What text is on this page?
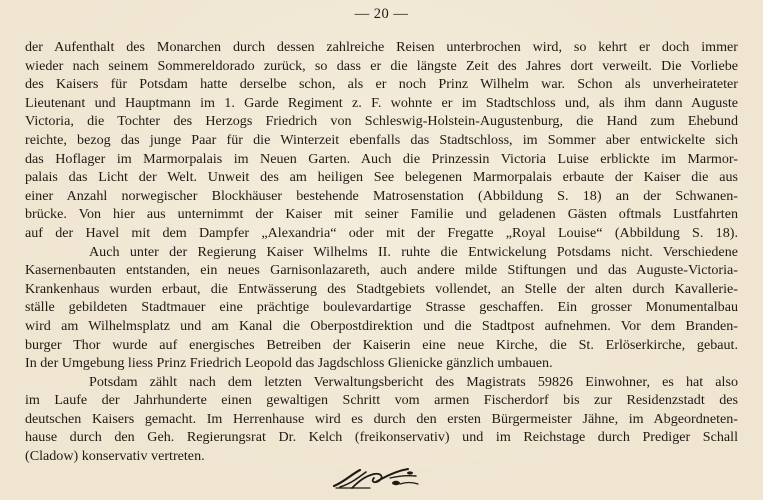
— 20 —
der Aufenthalt des Monarchen durch dessen zahlreiche Reisen unterbrochen wird, so kehrt er doch immer
wieder nach seinem Sommereldorado zurück, so dass er die längste Zeit des Jahres dort verweilt. Die Vorliebe
des Kaisers für Potsdam hatte derselbe schon, als er noch Prinz Wilhelm war. Schon als unverheirateter
Lieutenant und Hauptmann im 1. Garde Regiment z. F. wohnte er im Stadtschloss und, als ihm dann Auguste
Victoria, die Tochter des Herzogs Friedrich von Schleswig-Holstein-Augustenburg, die Hand zum Ehebund
reichte, bezog das junge Paar für die Winterzeit ebenfalls das Stadtschloss, im Sommer aber entwickelte sich
das Hoflager im Marmorpalais im Neuen Garten. Auch die Prinzessin Victoria Luise erblickte im Marmor-
palais das Licht der Welt. Unweit des am heiligen See belegenen Marmorpalais erbaute der Kaiser die aus
einer Anzahl norwegischer Blockhäuser bestehende Matrosenstation (Abbildung S. 18) an der Schwanen-
brücke. Von hier aus unternimmt der Kaiser mit seiner Familie und geladenen Gästen oftmals Lustfahrten
auf der Havel mit dem Dampfer „Alexandria“ oder mit der Fregatte „Royal Louise“ (Abbildung S. 18).
Auch unter der Regierung Kaiser Wilhelms II. ruhte die Entwickelung Potsdams nicht. Verschiedene
Kasernenbauten entstanden, ein neues Garnisonlazareth, auch andere milde Stiftungen und das Auguste-Victoria-
Krankenhaus wurden erbaut, die Entwässerung des Stadtgebiets vollendet, an Stelle der alten durch Kavallerie-
ställe gebildeten Stadtmauer eine prächtige boulevardartige Strasse geschaffen. Ein grosser Monumentalbau
wird am Wilhelmsplatz und am Kanal die Oberpostdirektion und die Stadtpost aufnehmen. Vor dem Branden-
burger Thor wurde auf energisches Betreiben der Kaiserin eine neue Kirche, die St. Erlöserkirche, gebaut.
In der Umgebung liess Prinz Friedrich Leopold das Jagdschloss Glienicke gänzlich umbauen.
Potsdam zählt nach dem letzten Verwaltungsbericht des Magistrats 59826 Einwohner, es hat also
im Laufe der Jahrhunderte einen gewaltigen Schritt vom armen Fischerdorf bis zur Residenzstadt des
deutschen Kaisers gemacht. Im Herrenhause wird es durch den ersten Bürgermeister Jähne, im Abgeordneten-
hause durch den Geh. Regierungsrat Dr. Kelch (freikonservativ) und im Reichstage durch Prediger Schall
(Cladow) konservativ vertreten.
